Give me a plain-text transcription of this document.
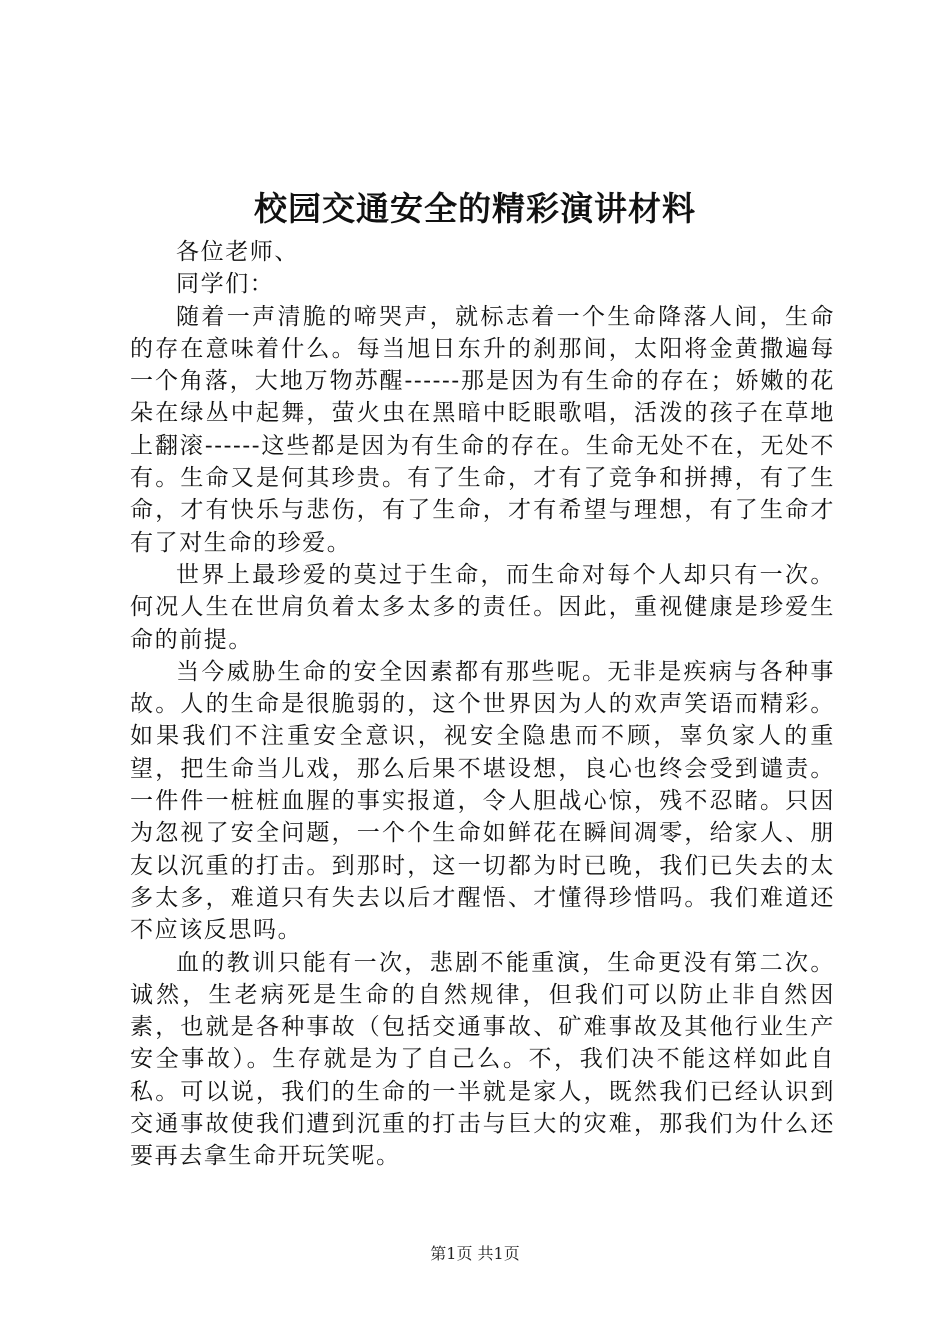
校园交通安全的精彩演讲材料

各位老师、

同学们：

随着一声清脆的啼哭声，就标志着一个生命降落人间，生命的存在意味着什么。每当旭日东升的刹那间，太阳将金黄撒遍每一个角落，大地万物苏醒------那是因为有生命的存在；娇嫩的花朵在绿丛中起舞，萤火虫在黑暗中眨眼歌唱，活泼的孩子在草地上翻滚------这些都是因为有生命的存在。生命无处不在，无处不有。生命又是何其珍贵。有了生命，才有了竞争和拼搏，有了生命，才有快乐与悲伤，有了生命，才有希望与理想，有了生命才有了对生命的珍爱。

世界上最珍爱的莫过于生命，而生命对每个人却只有一次。何况人生在世肩负着太多太多的责任。因此，重视健康是珍爱生命的前提。

当今威胁生命的安全因素都有那些呢。无非是疾病与各种事故。人的生命是很脆弱的，这个世界因为人的欢声笑语而精彩。如果我们不注重安全意识，视安全隐患而不顾，辜负家人的重望，把生命当儿戏，那么后果不堪设想，良心也终会受到谴责。一件件一桩桩血腥的事实报道，令人胆战心惊，残不忍睹。只因为忽视了安全问题，一个个生命如鲜花在瞬间凋零，给家人、朋友以沉重的打击。到那时，这一切都为时已晚，我们已失去的太多太多，难道只有失去以后才醒悟、才懂得珍惜吗。我们难道还不应该反思吗。

血的教训只能有一次，悲剧不能重演，生命更没有第二次。诚然，生老病死是生命的自然规律，但我们可以防止非自然因素，也就是各种事故（包括交通事故、矿难事故及其他行业生产安全事故）。生存就是为了自己么。不，我们决不能这样如此自私。可以说，我们的生命的一半就是家人，既然我们已经认识到交通事故使我们遭到沉重的打击与巨大的灾难，那我们为什么还要再去拿生命开玩笑呢。

第1页 共1页
